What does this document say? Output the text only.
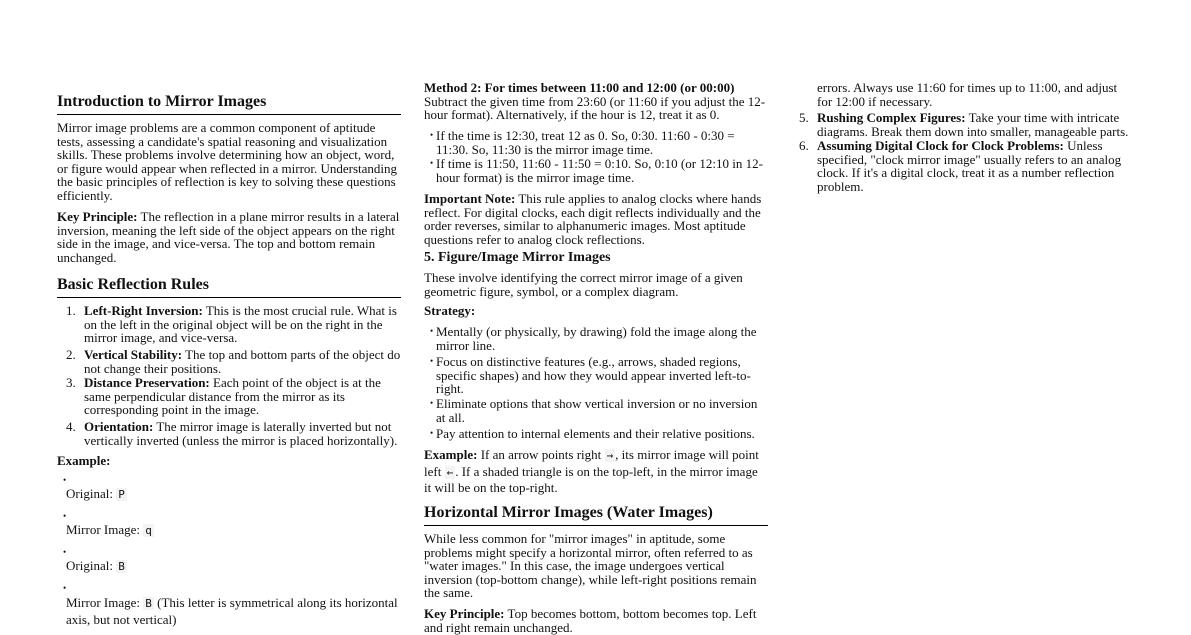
Introduction to Mirror Images

Mirror image problems are a common component of aptitude tests, assessing a candidate's spatial reasoning and visualization skills. These problems involve determining how an object, word, or figure would appear when reflected in a mirror. Understanding the basic principles of reflection is key to solving these questions efficiently.

Key Principle: The reflection in a plane mirror results in a lateral inversion, meaning the left side of the object appears on the right side in the image, and vice-versa. The top and bottom remain unchanged.

Basic Reflection Rules
1. Left-Right Inversion: This is the most crucial rule. What is on the left in the original object will be on the right in the mirror image, and vice-versa.
2. Vertical Stability: The top and bottom parts of the object do not change their positions.
3. Distance Preservation: Each point of the object is at the same perpendicular distance from the mirror as its corresponding point in the image.
4. Orientation: The mirror image is laterally inverted but not vertically inverted (unless the mirror is placed horizontally).

Example:

•
Original: P
•
Mirror Image: q
•
Original: B
•
Mirror Image: B (This letter is symmetrical along its horizontal axis, but not vertical)

Method 2: For times between 11:00 and 12:00 (or 00:00)
Subtract the given time from 23:60 (or 11:60 if you adjust the 12-hour format). Alternatively, if the hour is 12, treat it as 0.

• If the time is 12:30, treat 12 as 0. So, 0:30. 11:60 - 0:30 = 11:30. So, 11:30 is the mirror image time.
• If time is 11:50, 11:60 - 11:50 = 0:10. So, 0:10 (or 12:10 in 12-hour format) is the mirror image time.

Important Note: This rule applies to analog clocks where hands reflect. For digital clocks, each digit reflects individually and the order reverses, similar to alphanumeric images. Most aptitude questions refer to analog clock reflections.

5. Figure/Image Mirror Images

These involve identifying the correct mirror image of a given geometric figure, symbol, or a complex diagram.

Strategy:

• Mentally (or physically, by drawing) fold the image along the mirror line.
• Focus on distinctive features (e.g., arrows, shaded regions, specific shapes) and how they would appear inverted left-to-right.
• Eliminate options that show vertical inversion or no inversion at all.
• Pay attention to internal elements and their relative positions.

Example: If an arrow points right → , its mirror image will point left ← . If a shaded triangle is on the top-left, in the mirror image it will be on the top-right.

Horizontal Mirror Images (Water Images)

While less common for "mirror images" in aptitude, some problems might specify a horizontal mirror, often referred to as "water images." In this case, the image undergoes vertical inversion (top-bottom change), while left-right positions remain the same.

Key Principle: Top becomes bottom, bottom becomes top. Left and right remain unchanged.

errors. Always use 11:60 for times up to 11:00, and adjust for 12:00 if necessary.

5. Rushing Complex Figures: Take your time with intricate diagrams. Break them down into smaller, manageable parts.
6. Assuming Digital Clock for Clock Problems: Unless specified, "clock mirror image" usually refers to an analog clock. If it's a digital clock, treat it as a number reflection problem.
